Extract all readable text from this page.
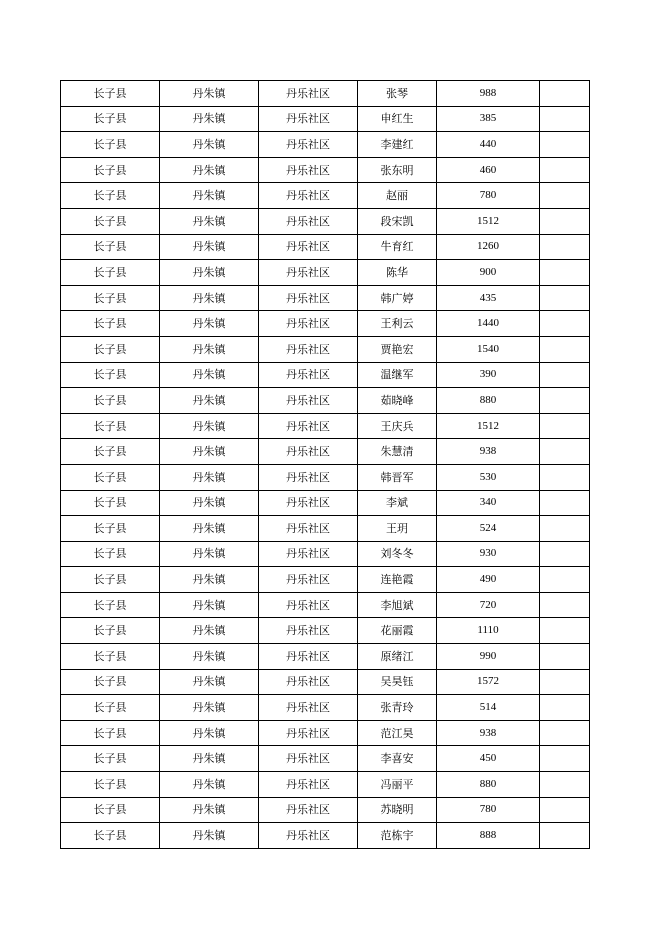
长子县	丹朱镇	丹乐社区	张琴	988	
长子县	丹朱镇	丹乐社区	申红生	385	
长子县	丹朱镇	丹乐社区	李建红	440	
长子县	丹朱镇	丹乐社区	张东明	460	
长子县	丹朱镇	丹乐社区	赵丽	780	
长子县	丹朱镇	丹乐社区	段宋凯	1512	
长子县	丹朱镇	丹乐社区	牛育红	1260	
长子县	丹朱镇	丹乐社区	陈华	900	
长子县	丹朱镇	丹乐社区	韩广婷	435	
长子县	丹朱镇	丹乐社区	王利云	1440	
长子县	丹朱镇	丹乐社区	贾艳宏	1540	
长子县	丹朱镇	丹乐社区	温继军	390	
长子县	丹朱镇	丹乐社区	茹晓峰	880	
长子县	丹朱镇	丹乐社区	王庆兵	1512	
长子县	丹朱镇	丹乐社区	朱慧清	938	
长子县	丹朱镇	丹乐社区	韩晋军	530	
长子县	丹朱镇	丹乐社区	李斌	340	
长子县	丹朱镇	丹乐社区	王玥	524	
长子县	丹朱镇	丹乐社区	刘冬冬	930	
长子县	丹朱镇	丹乐社区	连艳霞	490	
长子县	丹朱镇	丹乐社区	李旭斌	720	
长子县	丹朱镇	丹乐社区	花丽霞	1110	
长子县	丹朱镇	丹乐社区	原绪江	990	
长子县	丹朱镇	丹乐社区	吴昊钰	1572	
长子县	丹朱镇	丹乐社区	张青玲	514	
长子县	丹朱镇	丹乐社区	范江昊	938	
长子县	丹朱镇	丹乐社区	李喜安	450	
长子县	丹朱镇	丹乐社区	冯丽平	880	
长子县	丹朱镇	丹乐社区	苏晓明	780	
长子县	丹朱镇	丹乐社区	范栋宇	888	
